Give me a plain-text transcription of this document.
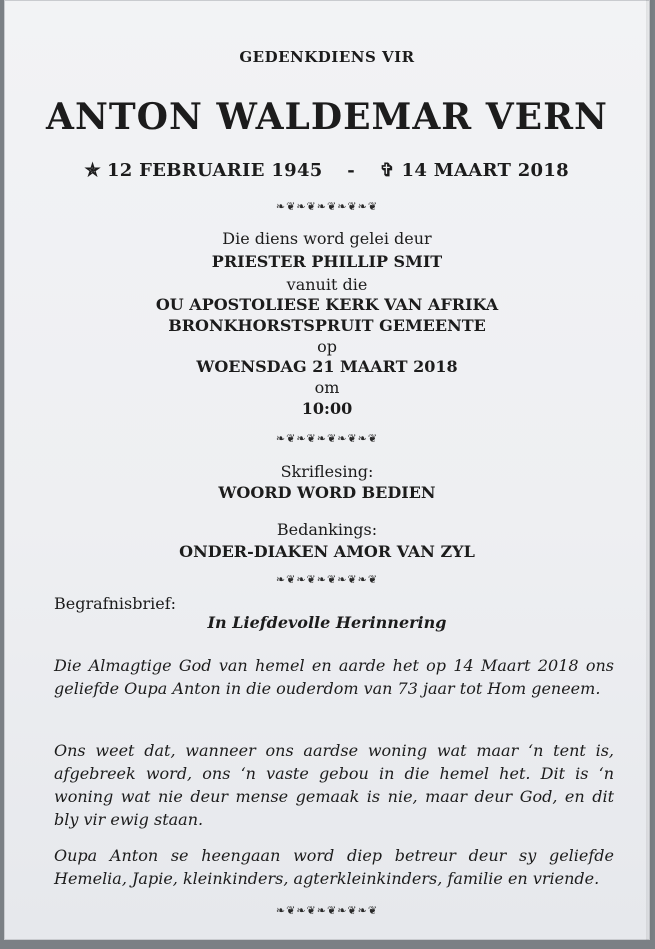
GEDENKDIENS VIR
ANTON WALDEMAR VERN
✯ 12 FEBRUARIE 1945 - ✞ 14 MAART 2018
❧❦❧❦❧❦❧❦❧❦
Die diens word gelei deur
PRIESTER PHILLIP SMIT
vanuit die
OU APOSTOLIESE KERK VAN AFRIKA
BRONKHORSTSPRUIT GEMEENTE
op
WOENSDAG 21 MAART 2018
om
10:00
❧❦❧❦❧❦❧❦❧❦
Skriflesing:
WOORD WORD BEDIEN
Bedankings:
ONDER-DIAKEN AMOR VAN ZYL
❧❦❧❦❧❦❧❦❧❦
Begrafnisbrief:
In Liefdevolle Herinnering
Die Almagtige God van hemel en aarde het op 14 Maart 2018 ons geliefde Oupa Anton in die ouderdom van 73 jaar tot Hom geneem.
Ons weet dat, wanneer ons aardse woning wat maar ‘n tent is, afgebreek word, ons ‘n vaste gebou in die hemel het. Dit is ‘n woning wat nie deur mense gemaak is nie, maar deur God, en dit bly vir ewig staan.
Oupa Anton se heengaan word diep betreur deur sy geliefde Hemelia, Japie, kleinkinders, agterkleinkinders, familie en vriende.
❧❦❧❦❧❦❧❦❧❦
